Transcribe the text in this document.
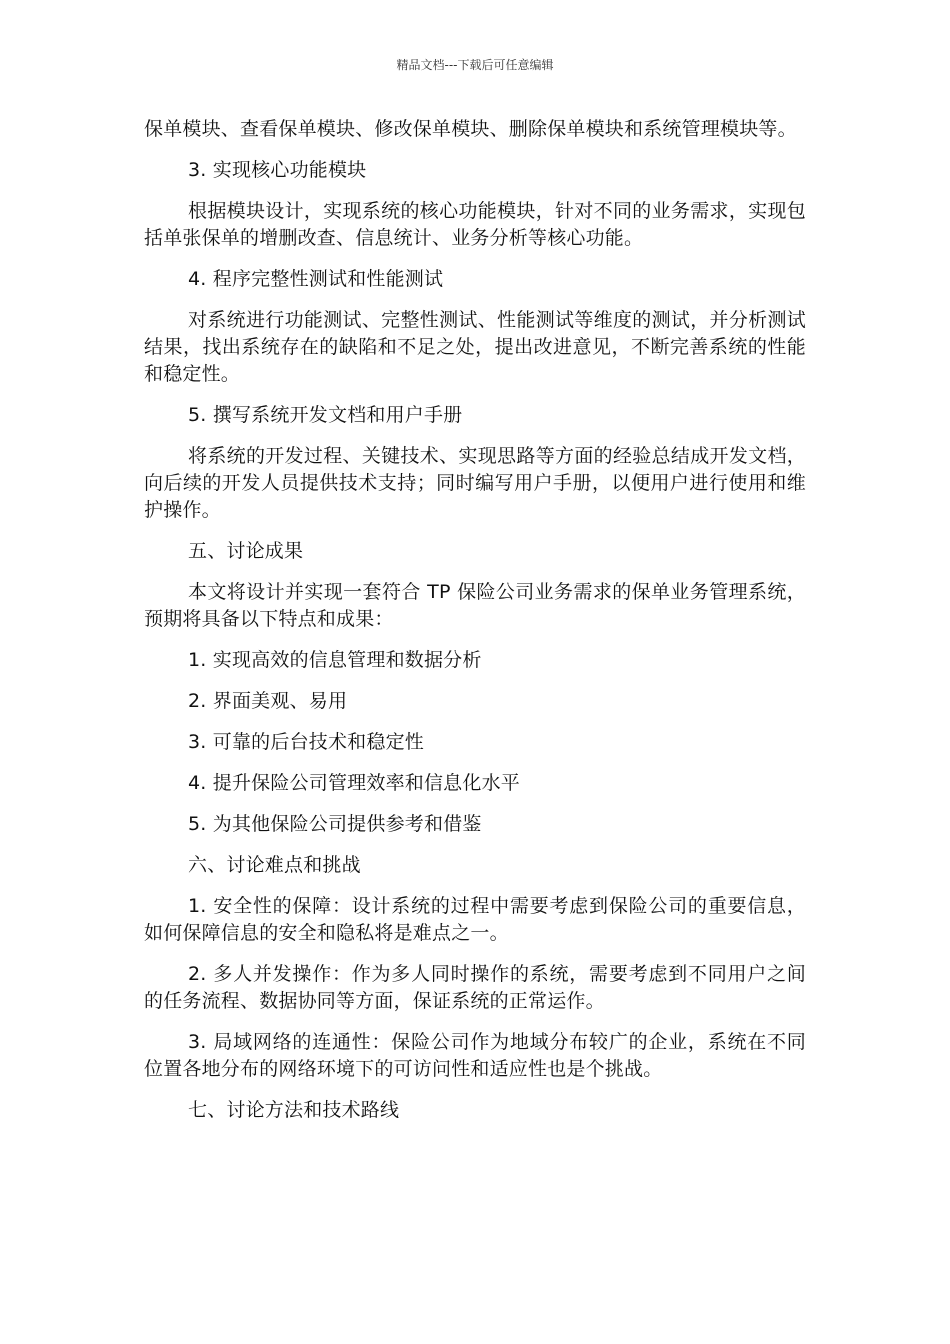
精品文档---下载后可任意编辑

保单模块、查看保单模块、修改保单模块、删除保单模块和系统管理模块等。

3. 实现核心功能模块

根据模块设计，实现系统的核心功能模块，针对不同的业务需求，实现包括单张保单的增删改查、信息统计、业务分析等核心功能。

4. 程序完整性测试和性能测试

对系统进行功能测试、完整性测试、性能测试等维度的测试，并分析测试结果，找出系统存在的缺陷和不足之处，提出改进意见，不断完善系统的性能和稳定性。

5. 撰写系统开发文档和用户手册

将系统的开发过程、关键技术、实现思路等方面的经验总结成开发文档，向后续的开发人员提供技术支持；同时编写用户手册，以便用户进行使用和维护操作。

五、讨论成果

本文将设计并实现一套符合 TP 保险公司业务需求的保单业务管理系统，预期将具备以下特点和成果：

1. 实现高效的信息管理和数据分析

2. 界面美观、易用

3. 可靠的后台技术和稳定性

4. 提升保险公司管理效率和信息化水平

5. 为其他保险公司提供参考和借鉴

六、讨论难点和挑战

1. 安全性的保障：设计系统的过程中需要考虑到保险公司的重要信息，如何保障信息的安全和隐私将是难点之一。

2. 多人并发操作：作为多人同时操作的系统，需要考虑到不同用户之间的任务流程、数据协同等方面，保证系统的正常运作。

3. 局域网络的连通性：保险公司作为地域分布较广的企业，系统在不同位置各地分布的网络环境下的可访问性和适应性也是个挑战。

七、讨论方法和技术路线
